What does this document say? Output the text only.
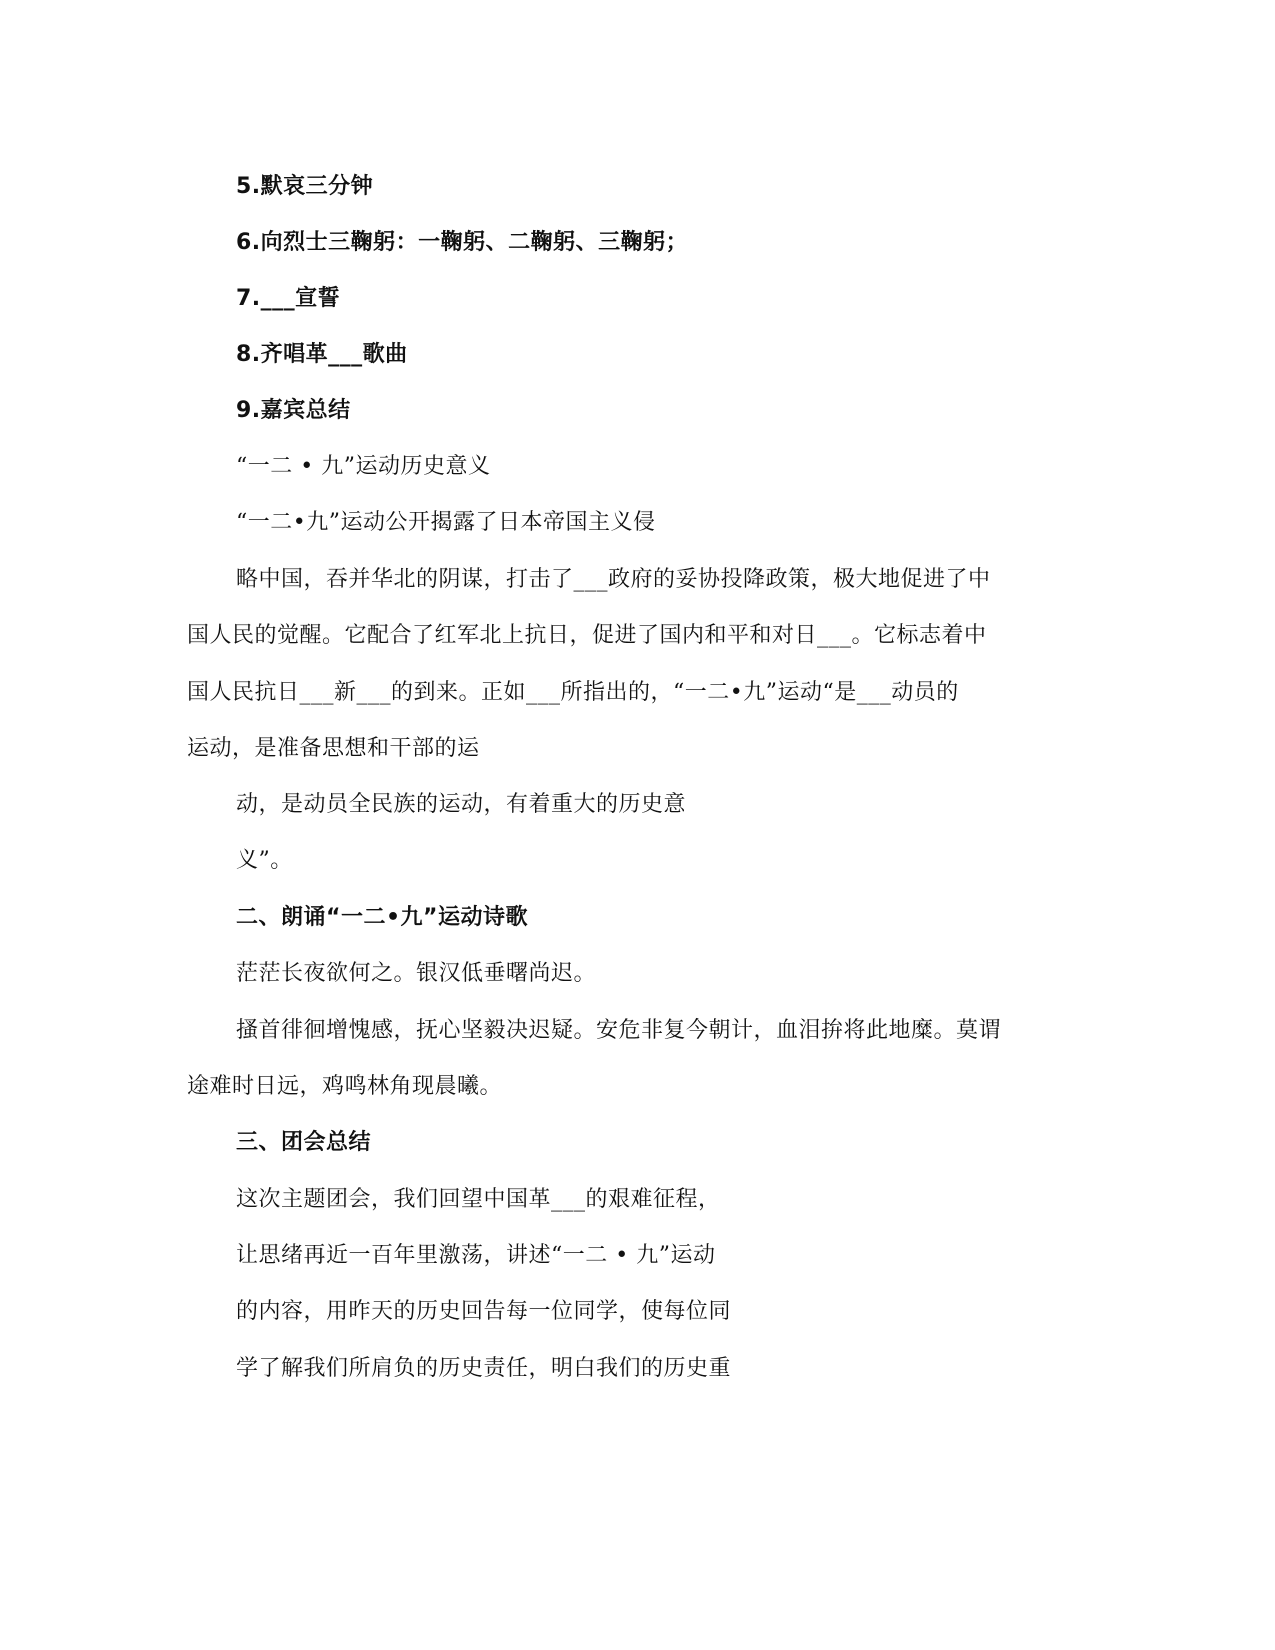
5.默哀三分钟
6.向烈士三鞠躬：一鞠躬、二鞠躬、三鞠躬；
7.___宣誓
8.齐唱革___歌曲
9.嘉宾总结
“一二 • 九”运动历史意义
“一二•九”运动公开揭露了日本帝国主义侵
略中国，吞并华北的阴谋，打击了___政府的妥协投降政策，极大地促进了中
国人民的觉醒。它配合了红军北上抗日，促进了国内和平和对日___。它标志着中
国人民抗日___新___的到来。正如___所指出的，“一二•九”运动“是___动员的
运动，是准备思想和干部的运
动，是动员全民族的运动，有着重大的历史意
义”。
二、朗诵“一二•九”运动诗歌
茫茫长夜欲何之。银汉低垂曙尚迟。
搔首徘徊增愧感，抚心坚毅决迟疑。安危非复今朝计，血泪拚将此地糜。莫谓
途难时日远，鸡鸣林角现晨曦。
三、团会总结
这次主题团会，我们回望中国革___的艰难征程，
让思绪再近一百年里激荡，讲述“一二 • 九”运动
的内容，用昨天的历史回告每一位同学，使每位同
学了解我们所肩负的历史责任，明白我们的历史重
